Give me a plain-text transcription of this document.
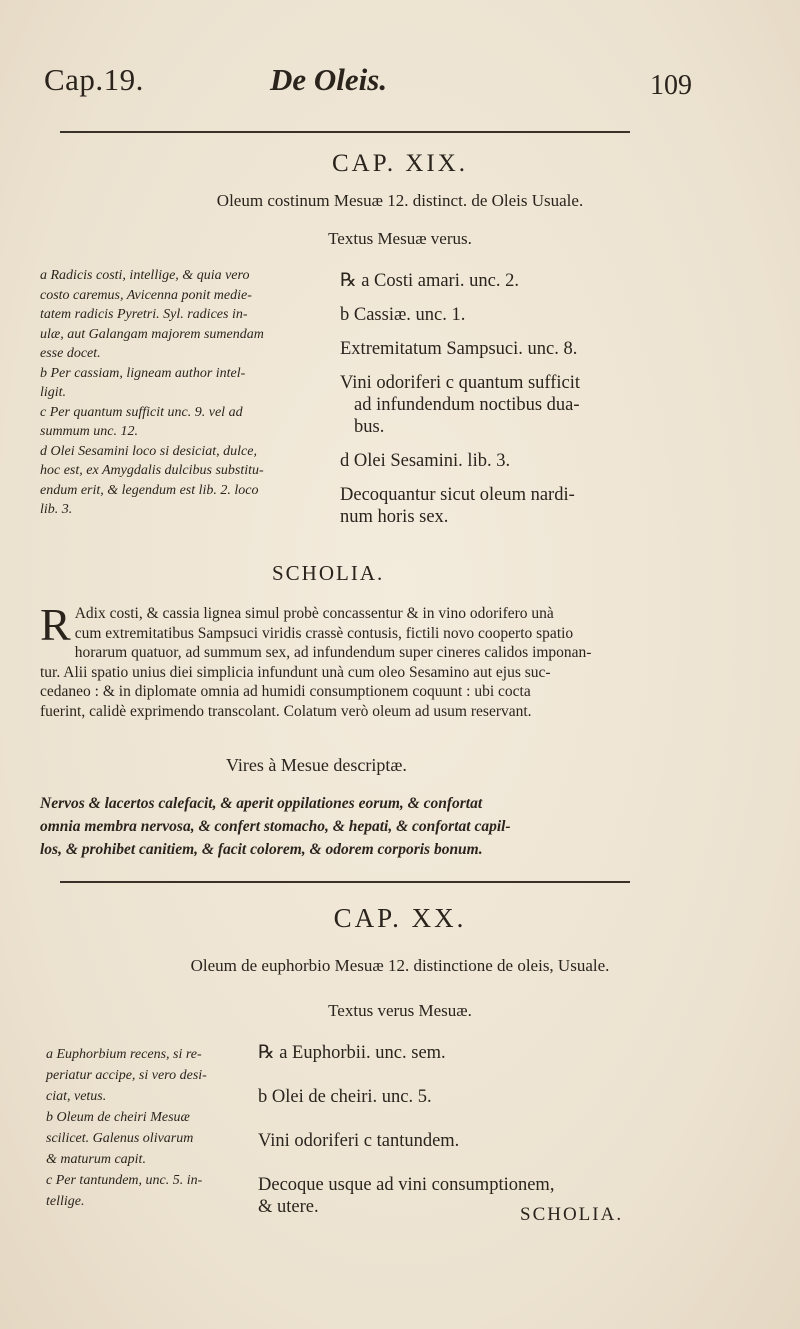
Cap.19.	De Oleis.	109
CAP. XIX.
Oleum costinum Mesuæ 12. distinct. de Oleis Usuale.
Textus Mesuæ verus.
a Radicis costi, intellige, & quia vero
costo caremus, Avicenna ponit medie-
tatem radicis Pyretri. Syl. radices in-
ulæ, aut Galangam majorem sumendam
esse docet.
b Per cassiam, ligneam author intel-
ligit.
c Per quantum sufficit unc. 9. vel ad
summum unc. 12.
d Olei Sesamini loco si desiciat, dulce,
hoc est, ex Amygdalis dulcibus substitu-
endum erit, & legendum est lib. 2. loco
lib. 3.
℞ a Costi amari. unc. 2.
b Cassiæ. unc. 1.
Extremitatum Sampsuci. unc. 8.
Vini odoriferi c quantum sufficit
ad infundendum noctibus dua-
bus.
d Olei Sesamini. lib. 3.
Decoquantur sicut oleum nardi-
num horis sex.
SCHOLIA.
R Adix costi, & cassia lignea simul probè concassentur & in vino odorifero unà
cum extremitatibus Sampsuci viridis crassè contusis, fictili novo cooperto spatio
horarum quatuor, ad summum sex, ad infundendum super cineres calidos imponan-
tur. Alii spatio unius diei simplicia infundunt unà cum oleo Sesamino aut ejus suc-
cedaneo : & in diplomate omnia ad humidi consumptionem coquunt : ubi cocta
fuerint, calidè exprimendo transcolant. Colatum verò oleum ad usum reservant.
Vires à Mesue descriptæ.
Nervos & lacertos calefacit, & aperit oppilationes eorum, & confortat
omnia membra nervosa, & confert stomacho, & hepati, & confortat capil-
los, & prohibet canitiem, & facit colorem, & odorem corporis bonum.
CAP. XX.
Oleum de euphorbio Mesuæ 12. distinctione de oleis, Usuale.
Textus verus Mesuæ.
a Euphorbium recens, si re-
periatur accipe, si vero desi-
ciat, vetus.
b Oleum de cheiri Mesuæ
scilicet. Galenus olivarum
& maturum capit.
c Per tantundem, unc. 5. in-
tellige.
℞ a Euphorbii. unc. sem.
b Olei de cheiri. unc. 5.
Vini odoriferi c tantundem.
Decoque usque ad vini consumptionem,
& utere.	SCHOLIA.
